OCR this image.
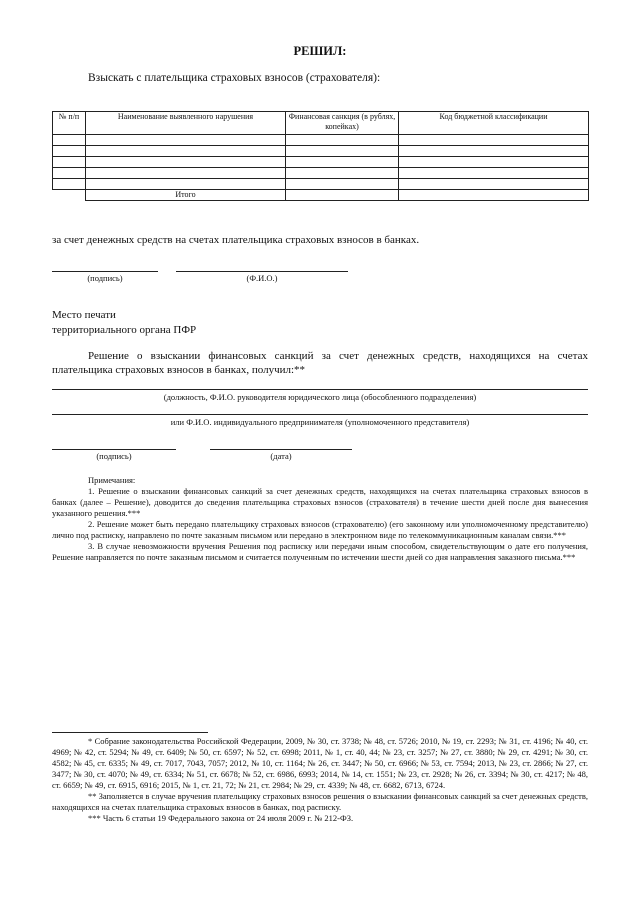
РЕШИЛ:
Взыскать с плательщика страховых взносов (страхователя):
№ п/п	Наименование выявленного нарушения	Финансовая санкция (в рублях, копейках)	Код бюджетной классификации

	Итого		
за счет денежных средств на счетах плательщика страховых взносов в банках.
(подпись)	(Ф.И.О.)
Место печати
территориального органа ПФР
Решение о взыскании финансовых санкций за счет денежных средств, находящихся на счетах плательщика страховых взносов в банках, получил:**
(должность, Ф.И.О. руководителя юридического лица (обособленного подразделения)
или Ф.И.О. индивидуального предпринимателя (уполномоченного представителя)
(подпись)	(дата)

Примечания:

1. Решение о взыскании финансовых санкций за счет денежных средств, находящихся на счетах плательщика страховых взносов в банках (далее – Решение), доводится до сведения плательщика страховых взносов (страхователя) в течение шести дней после дня вынесения указанного решения.***

2. Решение может быть передано плательщику страховых взносов (страхователю) (его законному или уполномоченному представителю) лично под расписку, направлено по почте заказным письмом или передано в электронном виде по телекоммуникационным каналам связи.***

3. В случае невозможности вручения Решения под расписку или передачи иным способом, свидетельствующим о дате его получения, Решение направляется по почте заказным письмом и считается полученным по истечении шести дней со дня направления заказного письма.***

* Собрание законодательства Российской Федерации, 2009, № 30, ст. 3738; № 48, ст. 5726; 2010, № 19, ст. 2293; № 31, ст. 4196; № 40, ст. 4969; № 42, ст. 5294; № 49, ст. 6409; № 50, ст. 6597; № 52, ст. 6998; 2011, № 1, ст. 40, 44; № 23, ст. 3257; № 27, ст. 3880; № 29, ст. 4291; № 30, ст. 4582; № 45, ст. 6335; № 49, ст. 7017, 7043, 7057; 2012, № 10, ст. 1164; № 26, ст. 3447; № 50, ст. 6966; № 53, ст. 7594; 2013, № 23, ст. 2866; № 27, ст. 3477; № 30, ст. 4070; № 49, ст. 6334; № 51, ст. 6678; № 52, ст. 6986, 6993; 2014, № 14, ст. 1551; № 23, ст. 2928; № 26, ст. 3394; № 30, ст. 4217; № 48, ст. 6659; № 49, ст. 6915, 6916; 2015, № 1, ст. 21, 72; № 21, ст. 2984; № 29, ст. 4339; № 48, ст. 6682, 6713, 6724.

** Заполняется в случае вручения плательщику страховых взносов решения о взыскании финансовых санкций за счет денежных средств, находящихся на счетах плательщика страховых взносов в банках, под расписку.

*** Часть 6 статьи 19 Федерального закона от 24 июля 2009 г. № 212-ФЗ.
